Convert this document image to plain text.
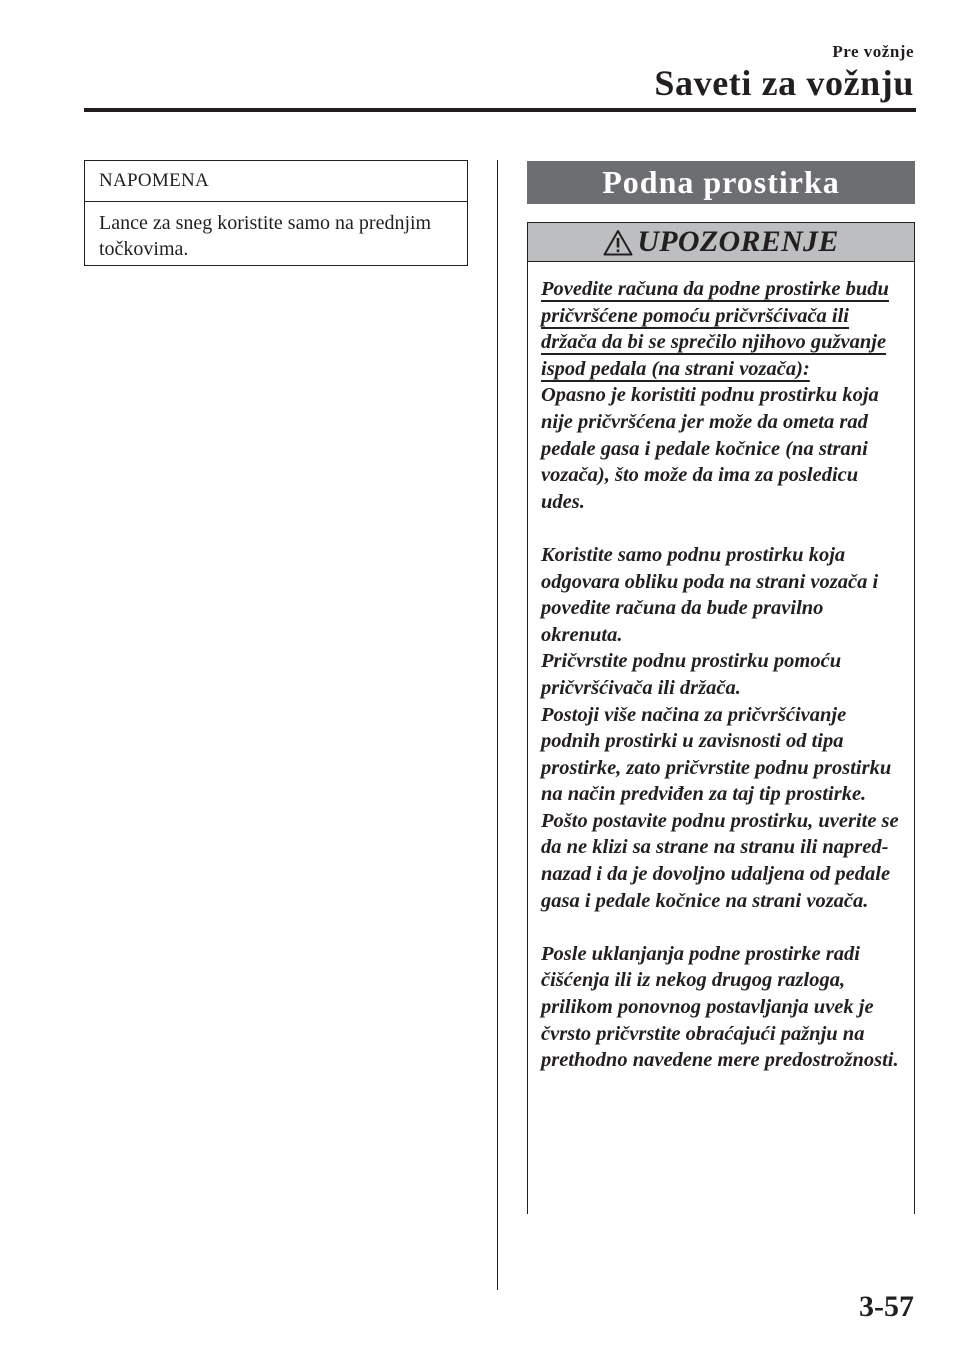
Pre vožnje
Saveti za vožnju
NAPOMENA
Lance za sneg koristite samo na prednjim točkovima.
Podna prostirka
UPOZORENJE

Povedite računa da podne prostirke budu pričvršćene pomoću pričvršćivača ili držača da bi se sprečilo njihovo gužvanje ispod pedala (na strani vozača):

Opasno je koristiti podnu prostirku koja nije pričvršćena jer može da ometa rad pedale gasa i pedale kočnice (na strani vozača), što može da ima za posledicu udes.

Koristite samo podnu prostirku koja odgovara obliku poda na strani vozača i povedite računa da bude pravilno okrenuta.

Pričvrstite podnu prostirku pomoću pričvršćivača ili držača.

Postoji više načina za pričvršćivanje podnih prostirki u zavisnosti od tipa prostirke, zato pričvrstite podnu prostirku na način predviđen za taj tip prostirke.

Pošto postavite podnu prostirku, uverite se da ne klizi sa strane na stranu ili napred-nazad i da je dovoljno udaljena od pedale gasa i pedale kočnice na strani vozača.

Posle uklanjanja podne prostirke radi čišćenja ili iz nekog drugog razloga, prilikom ponovnog postavljanja uvek je čvrsto pričvrstite obraćajući pažnju na prethodno navedene mere predostrožnosti.

3-57
